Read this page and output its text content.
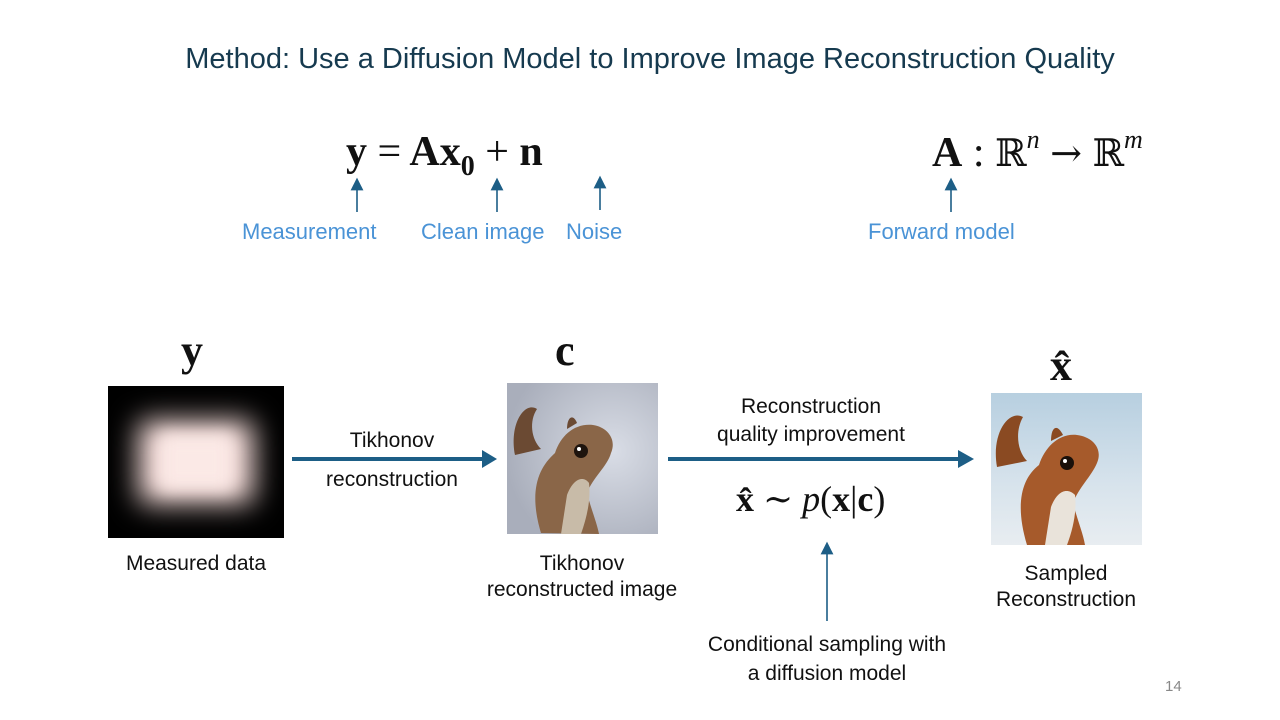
Method: Use a Diffusion Model to Improve Image Reconstruction Quality
$y = Ax_0 + n$	A : ℝ$^n$ → ℝ$^m$
Measurement Clean image Noise	Forward model
y	c	x̂
Measured data
Tikhonov
reconstruction
Tikhonov
reconstructed image
Reconstruction
quality improvement
x̂ ∼ p(x|c)
Sampled
Reconstruction
Conditional sampling with
a diffusion model
14
